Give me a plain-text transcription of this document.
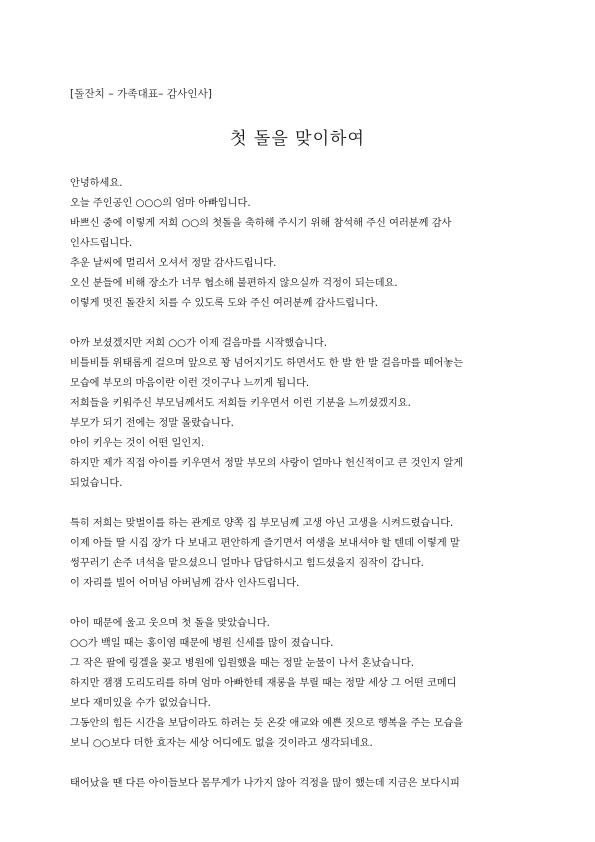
[돌잔치 – 가족대표– 감사인사]
첫 돌을 맞이하여
안녕하세요.
오늘 주인공인 ○○○의 엄마 아빠입니다.
바쁘신 중에 이렇게 저희 ○○의 첫돌을 축하해 주시기 위해 참석해 주신 여러분께 감사
인사드립니다.
추운 날씨에 멀리서 오셔서 정말 감사드립니다.
오신 분들에 비해 장소가 너무 협소해 불편하지 않으실까 걱정이 되는데요.
이렇게 멋진 돌잔치 치를 수 있도록 도와 주신 여러분께 감사드립니다.
아까 보셨겠지만 저희 ○○가 이제 걸음마를 시작했습니다.
비틀비틀 위태롭게 걸으며 앞으로 꽝 넘어지기도 하면서도 한 발 한 발 걸음마를 떼어놓는
모습에 부모의 마음이란 이런 것이구나 느끼게 됩니다.
저희들을 키워주신 부모님께서도 저희들 키우면서 이런 기분을 느끼셨겠지요.
부모가 되기 전에는 정말 몰랐습니다.
아이 키우는 것이 어떤 일인지.
하지만 제가 직접 아이를 키우면서 정말 부모의 사랑이 얼마나 헌신적이고 큰 것인지 알게
되었습니다.
특히 저희는 맞벌이를 하는 관계로 양쪽 집 부모님께 고생 아닌 고생을 시켜드렸습니다.
이제 아들 딸 시집 장가 다 보내고 편안하게 즐기면서 여생을 보내셔야 할 텐데 이렇게 말
썽꾸러기 손주 녀석을 맡으셨으니 얼마나 답답하시고 힘드셨을지 짐작이 갑니다.
이 자리를 빌어 어머님 아버님께 감사 인사드립니다.
아이 때문에 울고 웃으며 첫 돌을 맞았습니다.
○○가 백일 때는 홍이염 때문에 병원 신세를 많이 졌습니다.
그 작은 팔에 링겔을 꽂고 병원에 입원했을 때는 정말 눈물이 나서 혼났습니다.
하지만 잼잼 도리도리를 하며 엄마 아빠한테 재롱을 부릴 때는 정말 세상 그 어떤 코메디
보다 재미있을 수가 없었습니다.
그동안의 힘든 시간을 보답이라도 하려는 듯 온갖 애교와 예쁜 짓으로 행복을 주는 모습을
보니 ○○보다 더한 효자는 세상 어디에도 없을 것이라고 생각되네요.
태어났을 땐 다른 아이들보다 몸무게가 나가지 않아 걱정을 많이 했는데 지금은 보다시피
